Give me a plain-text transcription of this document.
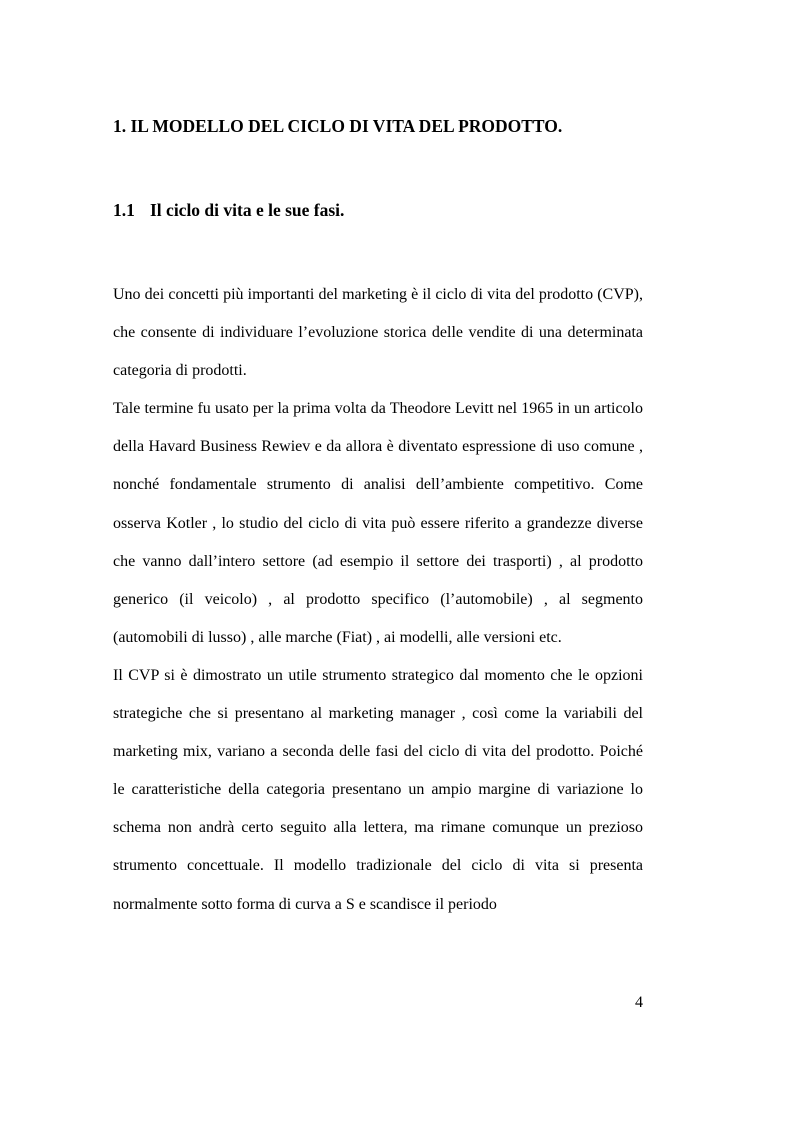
1. IL MODELLO DEL CICLO DI VITA DEL PRODOTTO.
1.1 Il ciclo di vita e le sue fasi.

Uno dei concetti più importanti del marketing è il ciclo di vita del prodotto (CVP), che consente di individuare l’evoluzione storica delle vendite di una determinata categoria di prodotti.

Tale termine fu usato per la prima volta da Theodore Levitt nel 1965 in un articolo della Havard Business Rewiev e da allora è diventato espressione di uso comune , nonché fondamentale strumento di analisi dell’ambiente competitivo. Come osserva Kotler , lo studio del ciclo di vita può essere riferito a grandezze diverse che vanno dall’intero settore (ad esempio il settore dei trasporti) , al prodotto generico (il veicolo) , al prodotto specifico (l’automobile) , al segmento (automobili di lusso) , alle marche (Fiat) , ai modelli, alle versioni etc.

Il CVP si è dimostrato un utile strumento strategico dal momento che le opzioni strategiche che si presentano al marketing manager , così come la variabili del marketing mix, variano a seconda delle fasi del ciclo di vita del prodotto. Poiché le caratteristiche della categoria presentano un ampio margine di variazione lo schema non andrà certo seguito alla lettera, ma rimane comunque un prezioso strumento concettuale. Il modello tradizionale del ciclo di vita si presenta normalmente sotto forma di curva a S e scandisce il periodo

4
